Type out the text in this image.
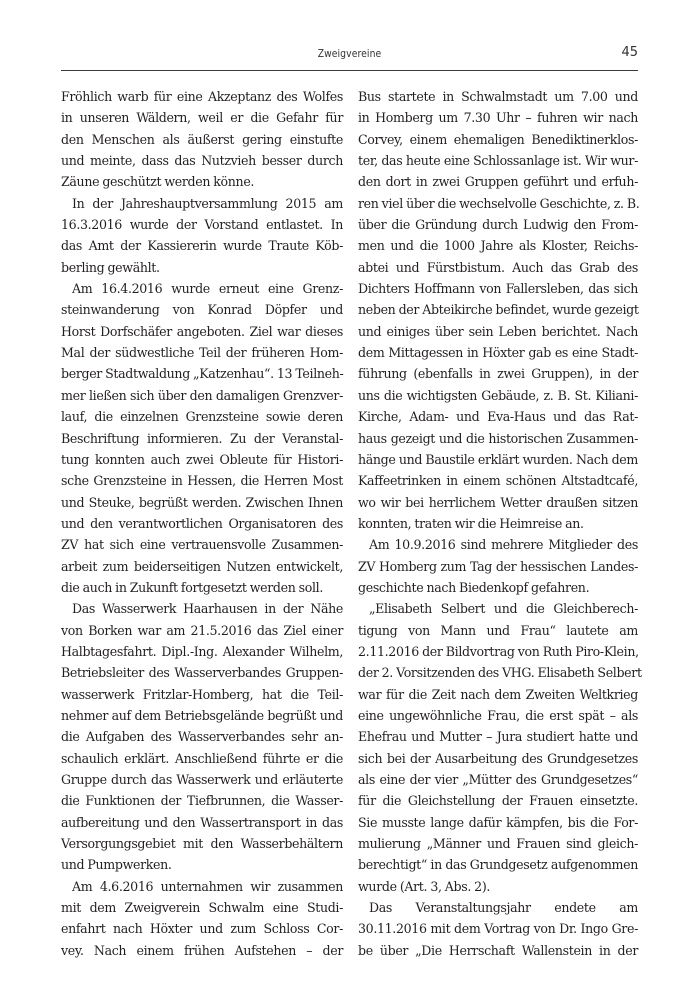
Zweigvereine	45
Fröhlich warb für eine Akzeptanz des Wolfes
in unseren Wäldern, weil er die Gefahr für
den Menschen als äußerst gering einstufte
und meinte, dass das Nutzvieh besser durch
Zäune geschützt werden könne.
In der Jahreshauptversammlung 2015 am
16.3.2016 wurde der Vorstand entlastet. In
das Amt der Kassiererin wurde Traute Köb-
berling gewählt.
Am 16.4.2016 wurde erneut eine Grenz-
steinwanderung von Konrad Döpfer und
Horst Dorfschäfer angeboten. Ziel war dieses
Mal der südwestliche Teil der früheren Hom-
berger Stadtwaldung „Katzenhau“. 13 Teilneh-
mer ließen sich über den damaligen Grenzver-
lauf, die einzelnen Grenzsteine sowie deren
Beschriftung informieren. Zu der Veranstal-
tung konnten auch zwei Obleute für Histori-
sche Grenzsteine in Hessen, die Herren Most
und Steuke, begrüßt werden. Zwischen Ihnen
und den verantwortlichen Organisatoren des
ZV hat sich eine vertrauensvolle Zusammen-
arbeit zum beiderseitigen Nutzen entwickelt,
die auch in Zukunft fortgesetzt werden soll.
Das Wasserwerk Haarhausen in der Nähe
von Borken war am 21.5.2016 das Ziel einer
Halbtagesfahrt. Dipl.-Ing. Alexander Wilhelm,
Betriebsleiter des Wasserverbandes Gruppen-
wasserwerk Fritzlar-Homberg, hat die Teil-
nehmer auf dem Betriebsgelände begrüßt und
die Aufgaben des Wasserverbandes sehr an-
schaulich erklärt. Anschließend führte er die
Gruppe durch das Wasserwerk und erläuterte
die Funktionen der Tiefbrunnen, die Wasser-
aufbereitung und den Wassertransport in das
Versorgungsgebiet mit den Wasserbehältern
und Pumpwerken.
Am 4.6.2016 unternahmen wir zusammen
mit dem Zweigverein Schwalm eine Studi-
enfahrt nach Höxter und zum Schloss Cor-
vey. Nach einem frühen Aufstehen – der
Bus startete in Schwalmstadt um 7.00 und
in Homberg um 7.30 Uhr – fuhren wir nach
Corvey, einem ehemaligen Benediktinerklos-
ter, das heute eine Schlossanlage ist. Wir wur-
den dort in zwei Gruppen geführt und erfuh-
ren viel über die wechselvolle Geschichte, z. B.
über die Gründung durch Ludwig den From-
men und die 1000 Jahre als Kloster, Reichs-
abtei und Fürstbistum. Auch das Grab des
Dichters Hoffmann von Fallersleben, das sich
neben der Abteikirche befindet, wurde gezeigt
und einiges über sein Leben berichtet. Nach
dem Mittagessen in Höxter gab es eine Stadt-
führung (ebenfalls in zwei Gruppen), in der
uns die wichtigsten Gebäude, z. B. St. Kiliani-
Kirche, Adam- und Eva-Haus und das Rat-
haus gezeigt und die historischen Zusammen-
hänge und Baustile erklärt wurden. Nach dem
Kaffeetrinken in einem schönen Altstadtcafé,
wo wir bei herrlichem Wetter draußen sitzen
konnten, traten wir die Heimreise an.
Am 10.9.2016 sind mehrere Mitglieder des
ZV Homberg zum Tag der hessischen Landes-
geschichte nach Biedenkopf gefahren.
„Elisabeth Selbert und die Gleichberech-
tigung von Mann und Frau“ lautete am
2.11.2016 der Bildvortrag von Ruth Piro-Klein,
der 2. Vorsitzenden des VHG. Elisabeth Selbert
war für die Zeit nach dem Zweiten Weltkrieg
eine ungewöhnliche Frau, die erst spät – als
Ehefrau und Mutter – Jura studiert hatte und
sich bei der Ausarbeitung des Grundgesetzes
als eine der vier „Mütter des Grundgesetzes“
für die Gleichstellung der Frauen einsetzte.
Sie musste lange dafür kämpfen, bis die For-
mulierung „Männer und Frauen sind gleich-
berechtigt“ in das Grundgesetz aufgenommen
wurde (Art. 3, Abs. 2).
Das Veranstaltungsjahr endete am
30.11.2016 mit dem Vortrag von Dr. Ingo Gre-
be über „Die Herrschaft Wallenstein in der
